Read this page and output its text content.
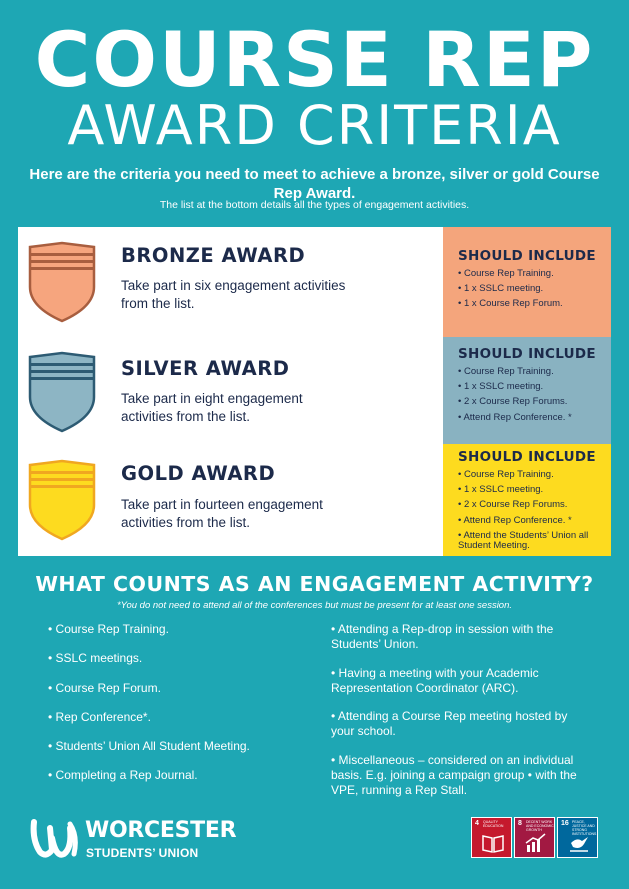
COURSE REP
AWARD CRITERIA
Here are the criteria you need to meet to achieve a bronze, silver or gold Course Rep Award.
The list at the bottom details all the types of engagement activities.
BRONZE AWARD
Take part in six engagement activities from the list.
SHOULD INCLUDE
• Course Rep Training.
• 1 x SSLC meeting.
• 1 x Course Rep Forum.
SILVER AWARD
Take part in eight engagement activities from the list.
SHOULD INCLUDE
• Course Rep Training.
• 1 x SSLC meeting.
• 2 x Course Rep Forums.
• Attend Rep Conference. *
GOLD AWARD
Take part in fourteen engagement activities from the list.
SHOULD INCLUDE
• Course Rep Training.
• 1 x SSLC meeting.
• 2 x Course Rep Forums.
• Attend Rep Conference. *
• Attend the Students’ Union all Student Meeting.
WHAT COUNTS AS AN ENGAGEMENT ACTIVITY?
*You do not need to attend all of the conferences but must be present for at least one session.
• Course Rep Training.
• SSLC meetings.
• Course Rep Forum.
• Rep Conference*.
• Students’ Union All Student Meeting.
• Completing a Rep Journal.
• Attending a Rep-drop in session with the Students’ Union.
• Having a meeting with your Academic Representation Coordinator (ARC).
• Attending a Course Rep meeting hosted by your school.
• Miscellaneous – considered on an individual basis. E.g. joining a campaign group • with the VPE, running a Rep Stall.
WORCESTER
STUDENTS’ UNION
4 QUALITY EDUCATION	8 DECENT WORK AND ECONOMIC GROWTH
16 PEACE, JUSTICE AND STRONG INSTITUTIONS
